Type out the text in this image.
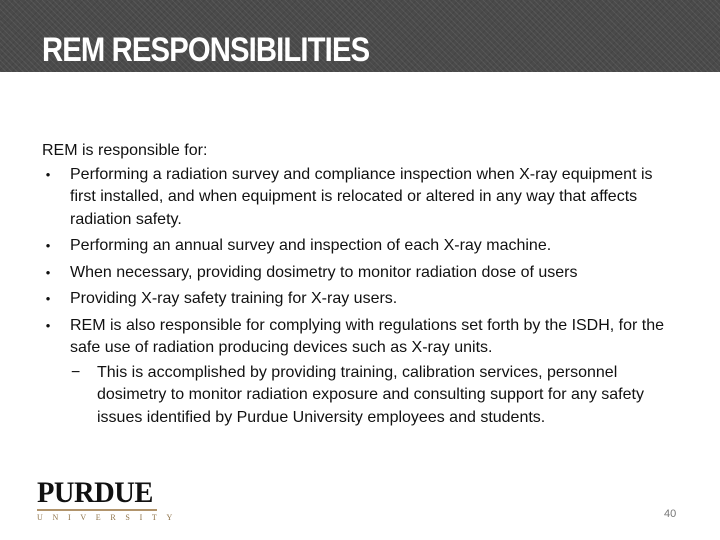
REM RESPONSIBILITIES

REM is responsible for:

• Performing a radiation survey and compliance inspection when X-ray equipment is first installed, and when equipment is relocated or altered in any way that affects radiation safety.
• Performing an annual survey and inspection of each X-ray machine.
• When necessary, providing dosimetry to monitor radiation dose of users
• Providing X-ray safety training for X-ray users.
• REM is also responsible for complying with regulations set forth by the ISDH, for the safe use of radiation producing devices such as X-ray units.
− This is accomplished by providing training, calibration services, personnel dosimetry to monitor radiation exposure and consulting support for any safety issues identified by Purdue University employees and students.
PURDUE
UNIVERSITY	40
